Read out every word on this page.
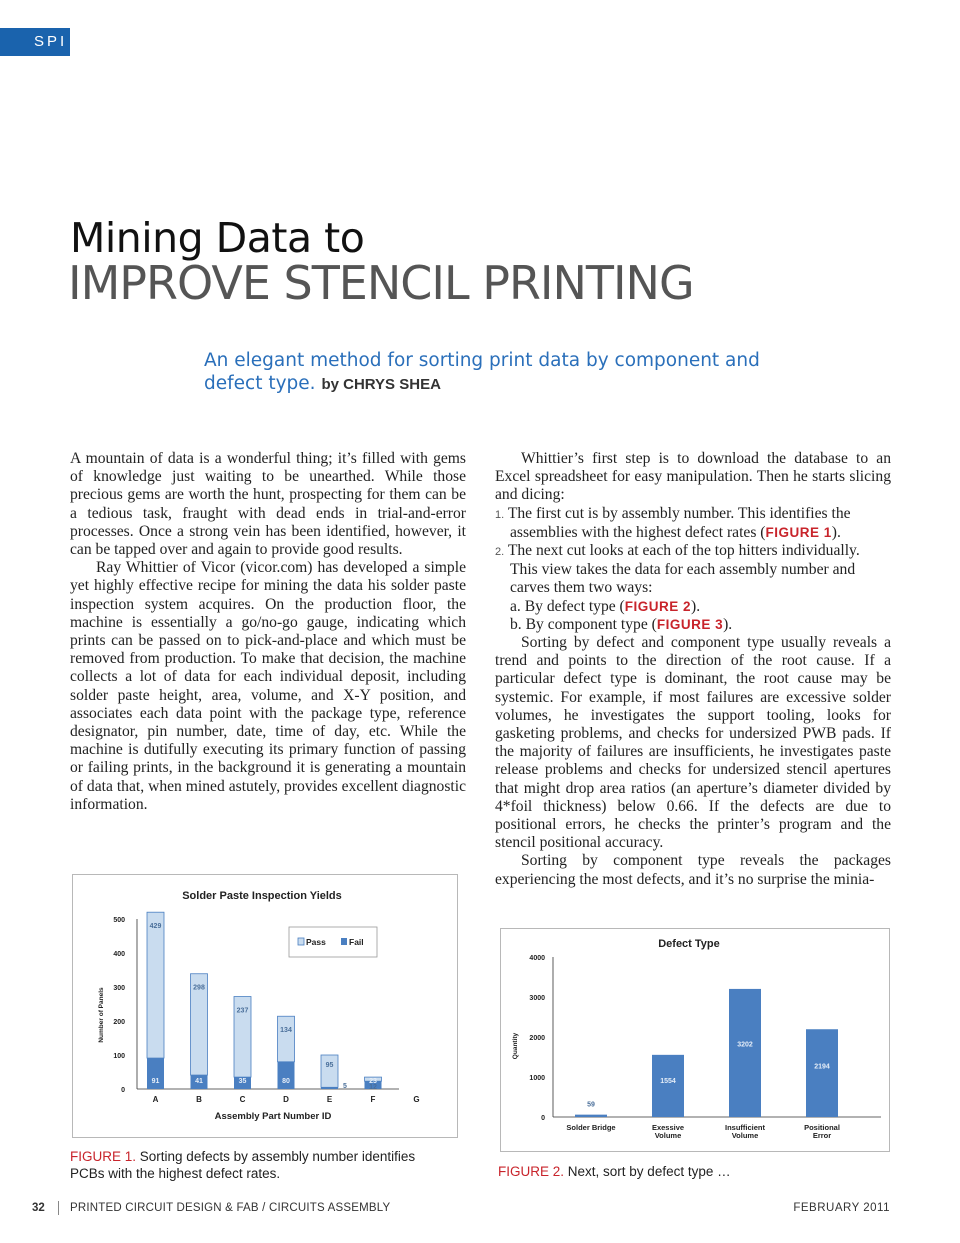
SPI
Mining Data to
IMPROVE STENCIL PRINTING

An elegant method for sorting print data by component and defect type. by CHRYS SHEA

A mountain of data is a wonderful thing; it’s filled with gems of knowledge just waiting to be unearthed. While those precious gems are worth the hunt, prospecting for them can be a tedious task, fraught with dead ends in trial-and-error processes. Once a strong vein has been identified, however, it can be tapped over and again to provide good results.

Ray Whittier of Vicor (vicor.com) has developed a simple yet highly effective recipe for mining the data his solder paste inspection system acquires. On the production floor, the machine is essentially a go/no-go gauge, indicating which prints can be passed on to pick-and-place and which must be removed from production. To make that decision, the machine collects a lot of data for each individual deposit, including solder paste height, area, volume, and X-Y position, and associates each data point with the package type, reference designator, pin number, date, time of day, etc. While the machine is dutifully executing its primary function of passing or failing prints, in the background it is generating a mountain of data that, when mined astutely, provides excellent diagnostic information.

Whittier’s first step is to download the database to an Excel spreadsheet for easy manipulation. Then he starts slicing and dicing:

1. The first cut is by assembly number. This identifies the assemblies with the highest defect rates (FIGURE 1).

2. The next cut looks at each of the top hitters individually. This view takes the data for each assembly number and carves them two ways:

a. By defect type (FIGURE 2).

b. By component type (FIGURE 3).

Sorting by defect and component type usually reveals a trend and points to the direction of the root cause. If a particular defect type is dominant, the root cause may be systemic. For example, if most failures are excessive solder volumes, he investigates the support tooling, looks for gasketing problems, and checks for undersized PWB pads. If the majority of failures are insufficients, he investigates paste release problems and checks for undersized stencil apertures that might drop area ratios (an aperture’s diameter divided by 4*foil thickness) below 0.66. If the defects are due to positional errors, he checks the printer’s program and the stencil positional accuracy.

Sorting by component type reveals the packages experiencing the most defects, and it’s no surprise the minia-

Solder Paste Inspection Yields
Number of Panels
Assembly Part Number ID
0
100
200
300
400
500
A	B	C	D	E	F	G
429
91
298
41
237
35
134
80
95
5	12
23
Pass	Fail
FIGURE 1. Sorting defects by assembly number identifies PCBs with the highest defect rates.
Defect Type
Quantity
0
1000
2000
3000
4000
Solder Bridge	Exessive
Volume
Insufficient
Volume
Positional
Error
59
1554
3202
2194
FIGURE 2. Next, sort by defect type …
32 PRINTED CIRCUIT DESIGN & FAB / CIRCUITS ASSEMBLY	FEBRUARY 2011
